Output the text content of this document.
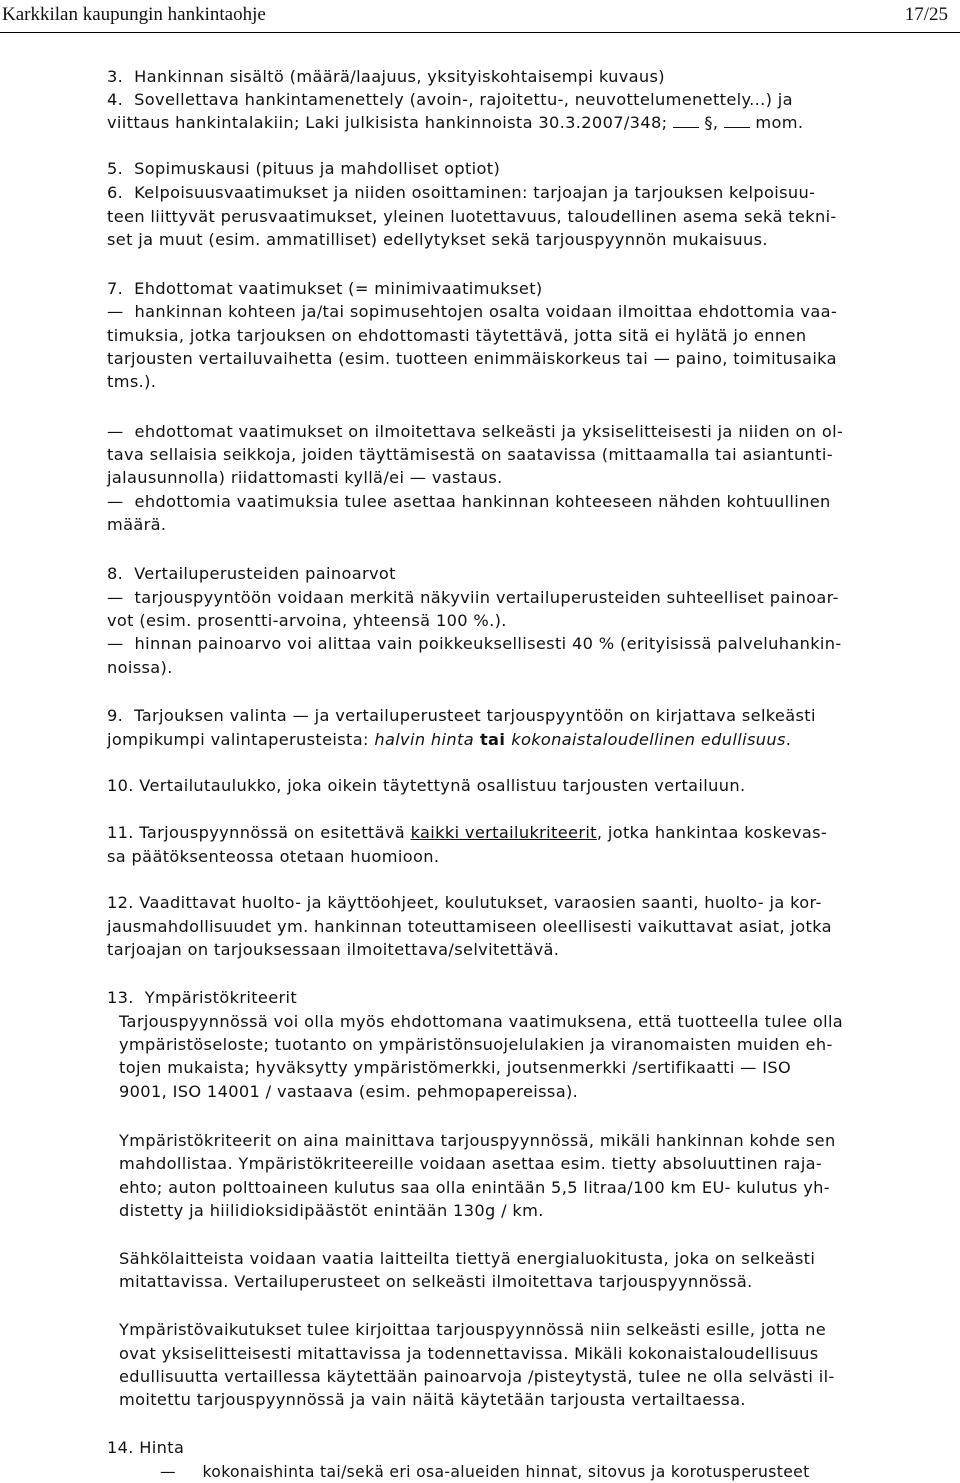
Karkkilan kaupungin hankintaohje	17/25
3.  Hankinnan sisältö (määrä/laajuus, yksityiskohtaisempi kuvaus)
4.  Sovellettava hankintamenettely (avoin-, rajoitettu-, neuvottelumenettely...) ja
viittaus hankintalakiin; Laki julkisista hankinnoista 30.3.2007/348;  §,  mom.
5.  Sopimuskausi (pituus ja mahdolliset optiot)
6.  Kelpoisuusvaatimukset ja niiden osoittaminen: tarjoajan ja tarjouksen kelpoisuu-
teen liittyvät perusvaatimukset, yleinen luotettavuus, taloudellinen asema sekä tekni-
set ja muut (esim. ammatilliset) edellytykset sekä tarjouspyynnön mukaisuus.
7.  Ehdottomat vaatimukset (= minimivaatimukset)
—  hankinnan kohteen ja/tai sopimusehtojen osalta voidaan ilmoittaa ehdottomia vaa-
timuksia, jotka tarjouksen on ehdottomasti täytettävä, jotta sitä ei hylätä jo ennen
tarjousten vertailuvaihetta (esim. tuotteen enimmäiskorkeus tai — paino, toimitusaika
tms.).
—  ehdottomat vaatimukset on ilmoitettava selkeästi ja yksiselitteisesti ja niiden on ol-
tava sellaisia seikkoja, joiden täyttämisestä on saatavissa (mittaamalla tai asiantunti-
jalausunnolla) riidattomasti kyllä/ei — vastaus.
—  ehdottomia vaatimuksia tulee asettaa hankinnan kohteeseen nähden kohtuullinen
määrä.
8.  Vertailuperusteiden painoarvot
—  tarjouspyyntöön voidaan merkitä näkyviin vertailuperusteiden suhteelliset painoar-
vot (esim. prosentti-arvoina, yhteensä 100 %.).
—  hinnan painoarvo voi alittaa vain poikkeuksellisesti 40 % (erityisissä palveluhankin-
noissa).
9.  Tarjouksen valinta — ja vertailuperusteet tarjouspyyntöön on kirjattava selkeästi
jompikumpi valintaperusteista: halvin hinta tai kokonaistaloudellinen edullisuus.
10. Vertailutaulukko, joka oikein täytettynä osallistuu tarjousten vertailuun.
11. Tarjouspyynnössä on esitettävä kaikki vertailukriteerit, jotka hankintaa koskevas-
sa päätöksenteossa otetaan huomioon.
12. Vaadittavat huolto- ja käyttöohjeet, koulutukset, varaosien saanti, huolto- ja kor-
jausmahdollisuudet ym. hankinnan toteuttamiseen oleellisesti vaikuttavat asiat, jotka
tarjoajan on tarjouksessaan ilmoitettava/selvitettävä.
13.  Ympäristökriteerit
Tarjouspyynnössä voi olla myös ehdottomana vaatimuksena, että tuotteella tulee olla
ympäristöseloste; tuotanto on ympäristönsuojelulakien ja viranomaisten muiden eh-
tojen mukaista; hyväksytty ympäristömerkki, joutsenmerkki /sertifikaatti — ISO
9001, ISO 14001 / vastaava (esim. pehmopapereissa).
Ympäristökriteerit on aina mainittava tarjouspyynnössä, mikäli hankinnan kohde sen
mahdollistaa. Ympäristökriteereille voidaan asettaa esim. tietty absoluuttinen raja-
ehto; auton polttoaineen kulutus saa olla enintään 5,5 litraa/100 km EU- kulutus yh-
distetty ja hiilidioksidipäästöt enintään 130g / km.
Sähkölaitteista voidaan vaatia laitteilta tiettyä energialuokitusta, joka on selkeästi
mitattavissa. Vertailuperusteet on selkeästi ilmoitettava tarjouspyynnössä.
Ympäristövaikutukset tulee kirjoittaa tarjouspyynnössä niin selkeästi esille, jotta ne
ovat yksiselitteisesti mitattavissa ja todennettavissa. Mikäli kokonaistaloudellisuus
edullisuutta vertaillessa käytettään painoarvoja /pisteytystä, tulee ne olla selvästi il-
moitettu tarjouspyynnössä ja vain näitä käytetään tarjousta vertailtaessa.
14. Hinta
—     kokonaishinta tai/sekä eri osa-alueiden hinnat, sitovus ja korotusperusteet
